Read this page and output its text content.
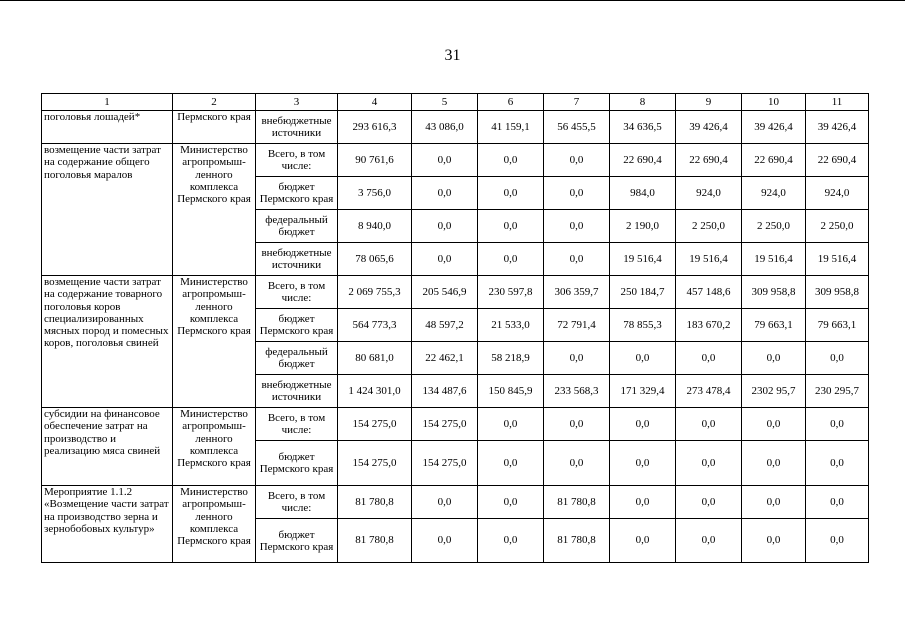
31
1	2	3	4	5	6	7	8	9	10	11
поголовья лошадей*	Пермского края	внебюджетные источники	293 616,3	43 086,0	41 159,1	56 455,5	34 636,5	39 426,4	39 426,4	39 426,4
возмещение части затрат на содержание общего поголовья маралов	Министерство агропромыш- ленного комплекса Пермского края	Всего, в том числе:	90 761,6	0,0	0,0	0,0	22 690,4	22 690,4	22 690,4	22 690,4
		бюджет Пермского края	3 756,0	0,0	0,0	0,0	984,0	924,0	924,0	924,0
		федеральный бюджет	8 940,0	0,0	0,0	0,0	2 190,0	2 250,0	2 250,0	2 250,0
		внебюджетные источники	78 065,6	0,0	0,0	0,0	19 516,4	19 516,4	19 516,4	19 516,4
возмещение части затрат на содержание товарного поголовья коров специализированных мясных пород и помесных коров, поголовья свиней	Министерство агропромыш- ленного комплекса Пермского края	Всего, в том числе:	2 069 755,3	205 546,9	230 597,8	306 359,7	250 184,7	457 148,6	309 958,8	309 958,8
		бюджет Пермского края	564 773,3	48 597,2	21 533,0	72 791,4	78 855,3	183 670,2	79 663,1	79 663,1
		федеральный бюджет	80 681,0	22 462,1	58 218,9	0,0	0,0	0,0	0,0	0,0
		внебюджетные источники	1 424 301,0	134 487,6	150 845,9	233 568,3	171 329,4	273 478,4	2302 95,7	230 295,7
субсидии на финансовое обеспечение затрат на производство и реализацию мяса свиней	Министерство агропромыш- ленного комплекса Пермского края	Всего, в том числе:	154 275,0	154 275,0	0,0	0,0	0,0	0,0	0,0	0,0
		бюджет Пермского края	154 275,0	154 275,0	0,0	0,0	0,0	0,0	0,0	0,0
Мероприятие 1.1.2 «Возмещение части затрат на производство зерна и зернобобовых культур»	Министерство агропромыш- ленного комплекса Пермского края	Всего, в том числе:	81 780,8	0,0	0,0	81 780,8	0,0	0,0	0,0	0,0
		бюджет Пермского края	81 780,8	0,0	0,0	81 780,8	0,0	0,0	0,0	0,0
